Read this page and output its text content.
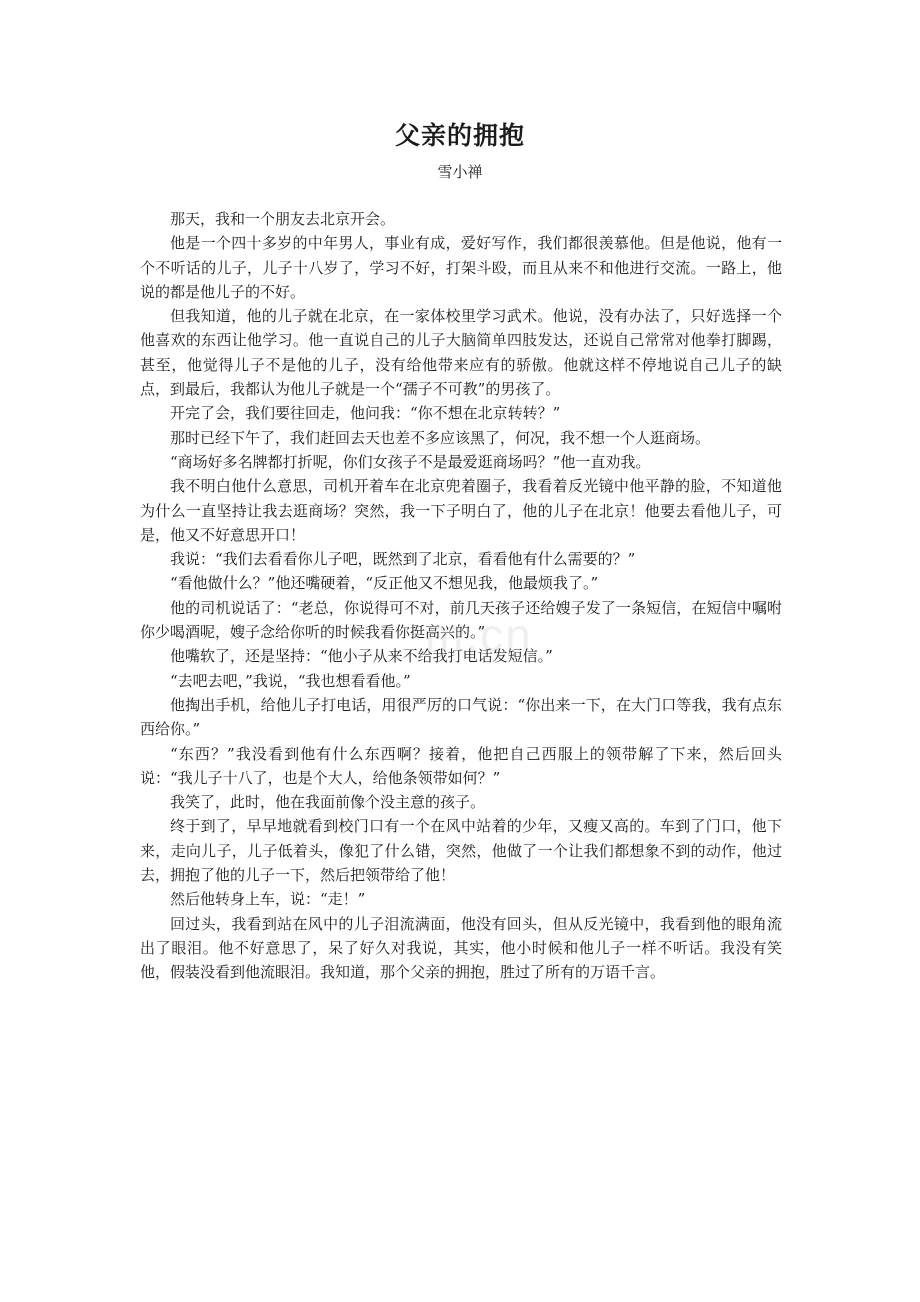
父亲的拥抱
雪小禅

那天，我和一个朋友去北京开会。

他是一个四十多岁的中年男人，事业有成，爱好写作，我们都很羡慕他。但是他说，他有一个不听话的儿子，儿子十八岁了，学习不好，打架斗殴，而且从来不和他进行交流。一路上，他说的都是他儿子的不好。

但我知道，他的儿子就在北京，在一家体校里学习武术。他说，没有办法了，只好选择一个他喜欢的东西让他学习。他一直说自己的儿子大脑简单四肢发达，还说自己常常对他拳打脚踢，甚至，他觉得儿子不是他的儿子，没有给他带来应有的骄傲。他就这样不停地说自己儿子的缺点，到最后，我都认为他儿子就是一个“孺子不可教”的男孩了。

开完了会，我们要往回走，他问我：“你不想在北京转转？”

那时已经下午了，我们赶回去天也差不多应该黑了，何况，我不想一个人逛商场。

“商场好多名牌都打折呢，你们女孩子不是最爱逛商场吗？”他一直劝我。

我不明白他什么意思，司机开着车在北京兜着圈子，我看着反光镜中他平静的脸，不知道他为什么一直坚持让我去逛商场？突然，我一下子明白了，他的儿子在北京！他要去看他儿子，可是，他又不好意思开口！

我说：“我们去看看你儿子吧，既然到了北京，看看他有什么需要的？”

“看他做什么？”他还嘴硬着，“反正他又不想见我，他最烦我了。”

他的司机说话了：“老总，你说得可不对，前几天孩子还给嫂子发了一条短信，在短信中嘱咐你少喝酒呢，嫂子念给你听的时候我看你挺高兴的。”

他嘴软了，还是坚持：“他小子从来不给我打电话发短信。”

“去吧去吧，”我说，“我也想看看他。”

他掏出手机，给他儿子打电话，用很严厉的口气说：“你出来一下，在大门口等我，我有点东西给你。”

“东西？”我没看到他有什么东西啊？接着，他把自己西服上的领带解了下来，然后回头说：“我儿子十八了，也是个大人，给他条领带如何？”

我笑了，此时，他在我面前像个没主意的孩子。

终于到了，早早地就看到校门口有一个在风中站着的少年，又瘦又高的。车到了门口，他下来，走向儿子，儿子低着头，像犯了什么错，突然，他做了一个让我们都想象不到的动作，他过去，拥抱了他的儿子一下，然后把领带给了他！

然后他转身上车，说：“走！”

回过头，我看到站在风中的儿子泪流满面，他没有回头，但从反光镜中，我看到他的眼角流出了眼泪。他不好意思了，呆了好久对我说，其实，他小时候和他儿子一样不听话。我没有笑他，假装没看到他流眼泪。我知道，那个父亲的拥抱，胜过了所有的万语千言。

m.cn
